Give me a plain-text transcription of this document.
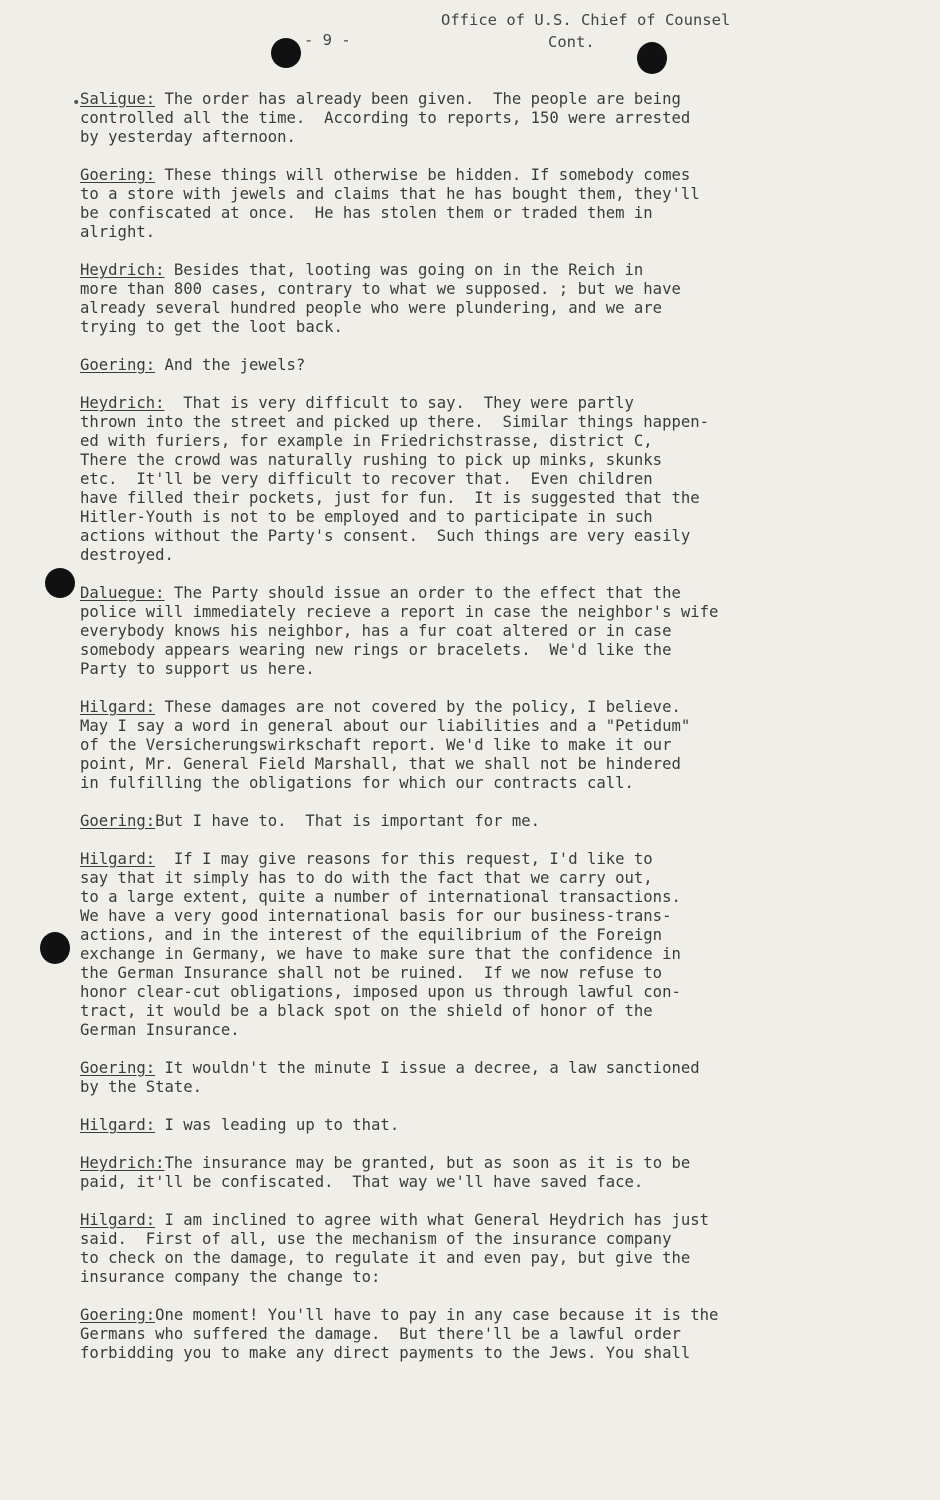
Office of U.S. Chief of Counsel
Cont.
- 9 -
• Saligue: The order has already been given.  The people are being
controlled all the time.  According to reports, 150 were arrested
by yesterday afternoon.

Goering: These things will otherwise be hidden. If somebody comes
to a store with jewels and claims that he has bought them, they'll
be confiscated at once.  He has stolen them or traded them in
alright.

Heydrich: Besides that, looting was going on in the Reich in
more than 800 cases, contrary to what we supposed. ; but we have
already several hundred people who were plundering, and we are
trying to get the loot back.

Goering: And the jewels?

Heydrich:  That is very difficult to say.  They were partly
thrown into the street and picked up there.  Similar things happen-
ed with furiers, for example in Friedrichstrasse, district C,
There the crowd was naturally rushing to pick up minks, skunks
etc.  It'll be very difficult to recover that.  Even children
have filled their pockets, just for fun.  It is suggested that the
Hitler-Youth is not to be employed and to participate in such
actions without the Party's consent.  Such things are very easily
destroyed.

Daluegue: The Party should issue an order to the effect that the
police will immediately recieve a report in case the neighbor's wife
everybody knows his neighbor, has a fur coat altered or in case
somebody appears wearing new rings or bracelets.  We'd like the
Party to support us here.

Hilgard: These damages are not covered by the policy, I believe.
May I say a word in general about our liabilities and a "Petidum"
of the Versicherungswirkschaft report. We'd like to make it our
point, Mr. General Field Marshall, that we shall not be hindered
in fulfilling the obligations for which our contracts call.

Goering:But I have to.  That is important for me.

Hilgard:  If I may give reasons for this request, I'd like to
say that it simply has to do with the fact that we carry out,
to a large extent, quite a number of international transactions.
We have a very good international basis for our business-trans-
actions, and in the interest of the equilibrium of the Foreign
exchange in Germany, we have to make sure that the confidence in
the German Insurance shall not be ruined.  If we now refuse to
honor clear-cut obligations, imposed upon us through lawful con-
tract, it would be a black spot on the shield of honor of the
German Insurance.

Goering: It wouldn't the minute I issue a decree, a law sanctioned
by the State.

Hilgard: I was leading up to that.

Heydrich:The insurance may be granted, but as soon as it is to be
paid, it'll be confiscated.  That way we'll have saved face.

Hilgard: I am inclined to agree with what General Heydrich has just
said.  First of all, use the mechanism of the insurance company
to check on the damage, to regulate it and even pay, but give the
insurance company the change to:

Goering:One moment! You'll have to pay in any case because it is the
Germans who suffered the damage.  But there'll be a lawful order
forbidding you to make any direct payments to the Jews. You shall
